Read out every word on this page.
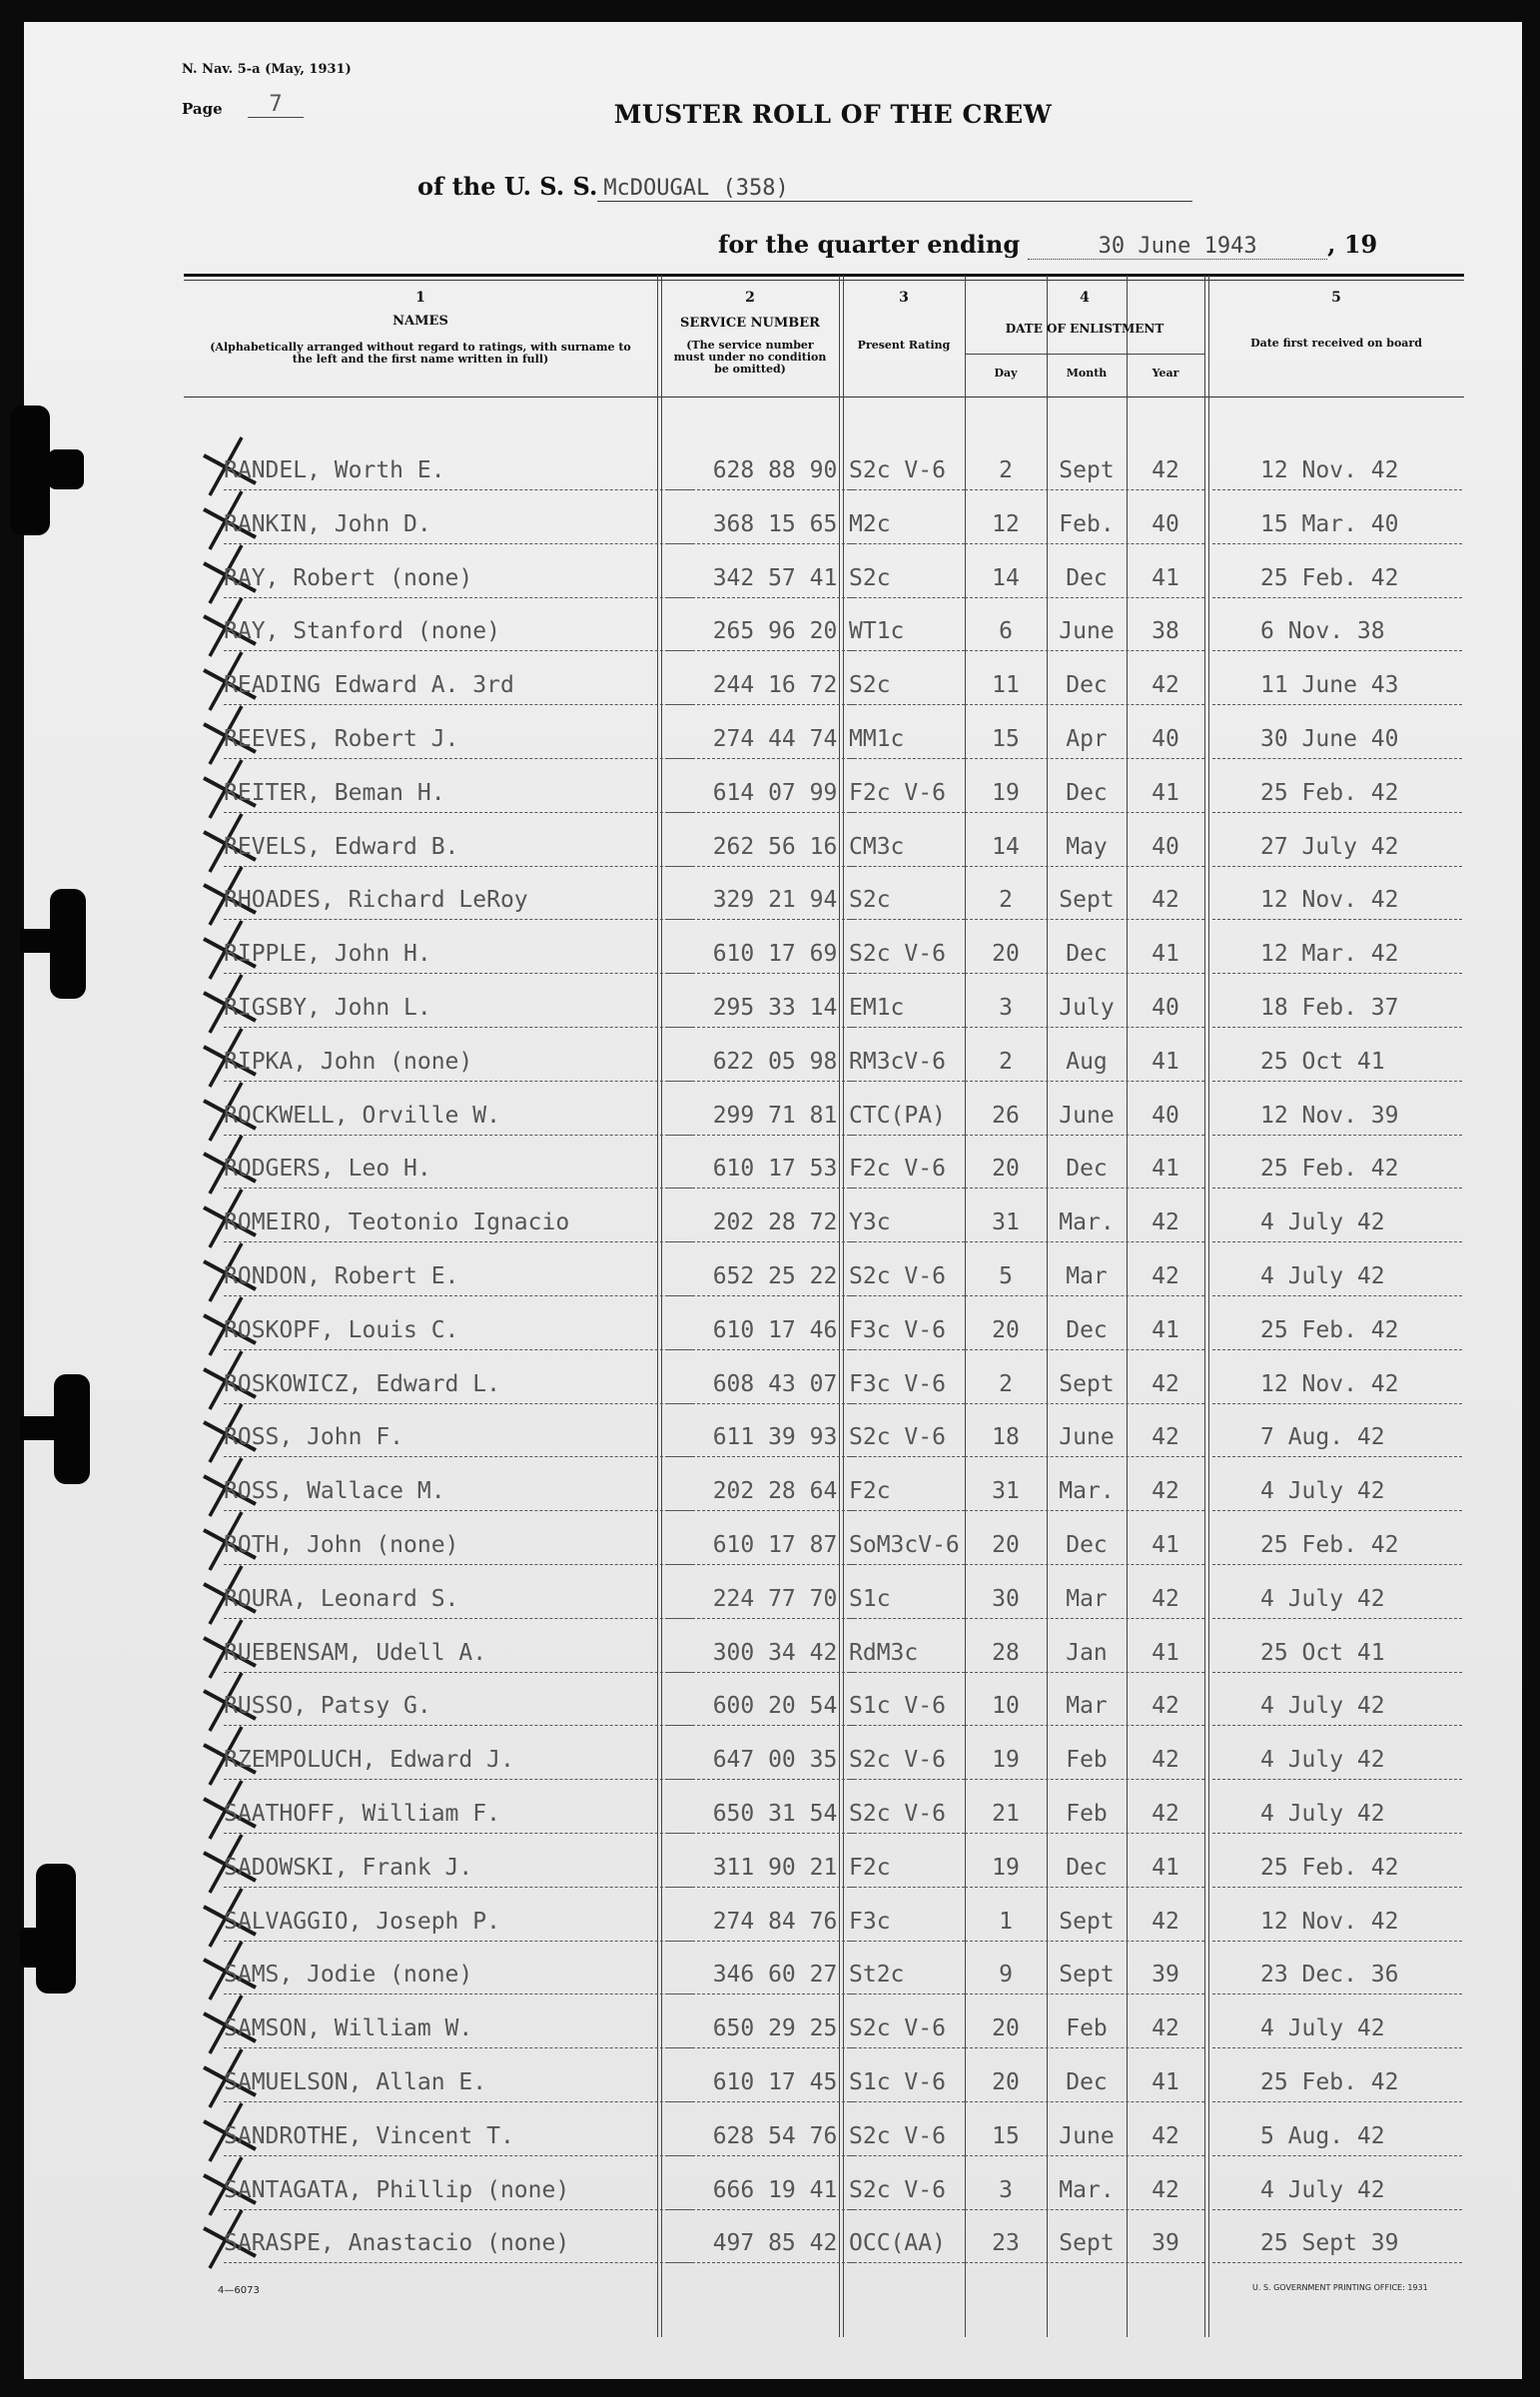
N. Nav. 5-a (May, 1931)
Page	7	MUSTER ROLL OF THE CREW
of the U. S. S. McDOUGAL (358)
for the quarter ending	30 June 1943	, 19
1
NAMES
(Alphabetically arranged without regard to ratings, with surname to the left and the first name written in full)
2
SERVICE NUMBER
(The service number must under no condition be omitted)
3
Present Rating
4
DATE OF ENLISTMENT
Day	Month	Year
5
Date first received on board
RANDEL, Worth E.	628 88 90 S2c V-6	2	Sept	42	12 Nov. 42
RANKIN, John D.	368 15 65 M2c	12	Feb.	40	15 Mar. 40
RAY, Robert (none)	342 57 41 S2c	14	Dec	41	25 Feb. 42
RAY, Stanford (none)	265 96 20 WT1c	6	June	38	6 Nov. 38
READING Edward A. 3rd	244 16 72 S2c	11	Dec	42	11 June 43
REEVES, Robert J.	274 44 74 MM1c	15	Apr	40	30 June 40
REITER, Beman H.	614 07 99 F2c V-6	19	Dec	41	25 Feb. 42
REVELS, Edward B.	262 56 16 CM3c	14	May	40	27 July 42
RHOADES, Richard LeRoy	329 21 94 S2c	2	Sept	42	12 Nov. 42
RIPPLE, John H.	610 17 69 S2c V-6	20	Dec	41	12 Mar. 42
RIGSBY, John L.	295 33 14 EM1c	3	July	40	18 Feb. 37
RIPKA, John (none)	622 05 98 RM3cV-6	2	Aug	41	25 Oct 41
ROCKWELL, Orville W.	299 71 81 CTC(PA)	26	June	40	12 Nov. 39
RODGERS, Leo H.	610 17 53 F2c V-6	20	Dec	41	25 Feb. 42
ROMEIRO, Teotonio Ignacio	202 28 72 Y3c	31	Mar.	42	4 July 42
RONDON, Robert E.	652 25 22 S2c V-6	5	Mar	42	4 July 42
ROSKOPF, Louis C.	610 17 46 F3c V-6	20	Dec	41	25 Feb. 42
ROSKOWICZ, Edward L.	608 43 07 F3c V-6	2	Sept	42	12 Nov. 42
ROSS, John F.	611 39 93 S2c V-6	18	June	42	7 Aug. 42
ROSS, Wallace M.	202 28 64 F2c	31	Mar.	42	4 July 42
ROTH, John (none)	610 17 87 SoM3cV-6	20	Dec	41	25 Feb. 42
ROURA, Leonard S.	224 77 70 S1c	30	Mar	42	4 July 42
RUEBENSAM, Udell A.	300 34 42 RdM3c	28	Jan	41	25 Oct 41
RUSSO, Patsy G.	600 20 54 S1c V-6	10	Mar	42	4 July 42
RZEMPOLUCH, Edward J.	647 00 35 S2c V-6	19	Feb	42	4 July 42
SAATHOFF, William F.	650 31 54 S2c V-6	21	Feb	42	4 July 42
SADOWSKI, Frank J.	311 90 21 F2c	19	Dec	41	25 Feb. 42
SALVAGGIO, Joseph P.	274 84 76 F3c	1	Sept	42	12 Nov. 42
SAMS, Jodie (none)	346 60 27 St2c	9	Sept	39	23 Dec. 36
SAMSON, William W.	650 29 25 S2c V-6	20	Feb	42	4 July 42
SAMUELSON, Allan E.	610 17 45 S1c V-6	20	Dec	41	25 Feb. 42
SANDROTHE, Vincent T.	628 54 76 S2c V-6	15	June	42	5 Aug. 42
SANTAGATA, Phillip (none)	666 19 41 S2c V-6	3	Mar.	42	4 July 42
SARASPE, Anastacio (none)	497 85 42 OCC(AA)	23	Sept	39	25 Sept 39
4—6073	U. S. GOVERNMENT PRINTING OFFICE: 1931
